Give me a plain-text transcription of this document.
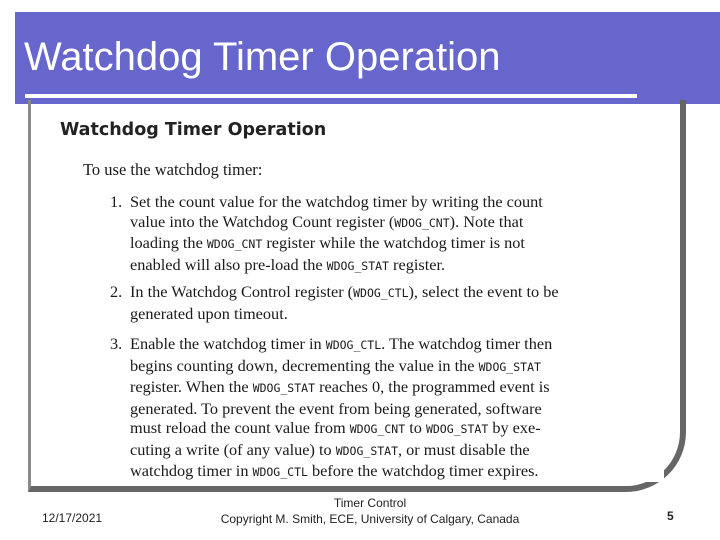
Watchdog Timer Operation
Watchdog Timer Operation
To use the watchdog timer:
1. Set the count value for the watchdog timer by writing the count
value into the Watchdog Count register (WDOG_CNT). Note that
loading the WDOG_CNT register while the watchdog timer is not
enabled will also pre-load the WDOG_STAT register.
2. In the Watchdog Control register (WDOG_CTL), select the event to be
generated upon timeout.
3. Enable the watchdog timer in WDOG_CTL. The watchdog timer then
begins counting down, decrementing the value in the WDOG_STAT
register. When the WDOG_STAT reaches 0, the programmed event is
generated. To prevent the event from being generated, software
must reload the count value from WDOG_CNT to WDOG_STAT by exe-
cuting a write (of any value) to WDOG_STAT, or must disable the
watchdog timer in WDOG_CTL before the watchdog timer expires.
12/17/2021
Timer Control
Copyright M. Smith, ECE, University of Calgary, Canada	5
